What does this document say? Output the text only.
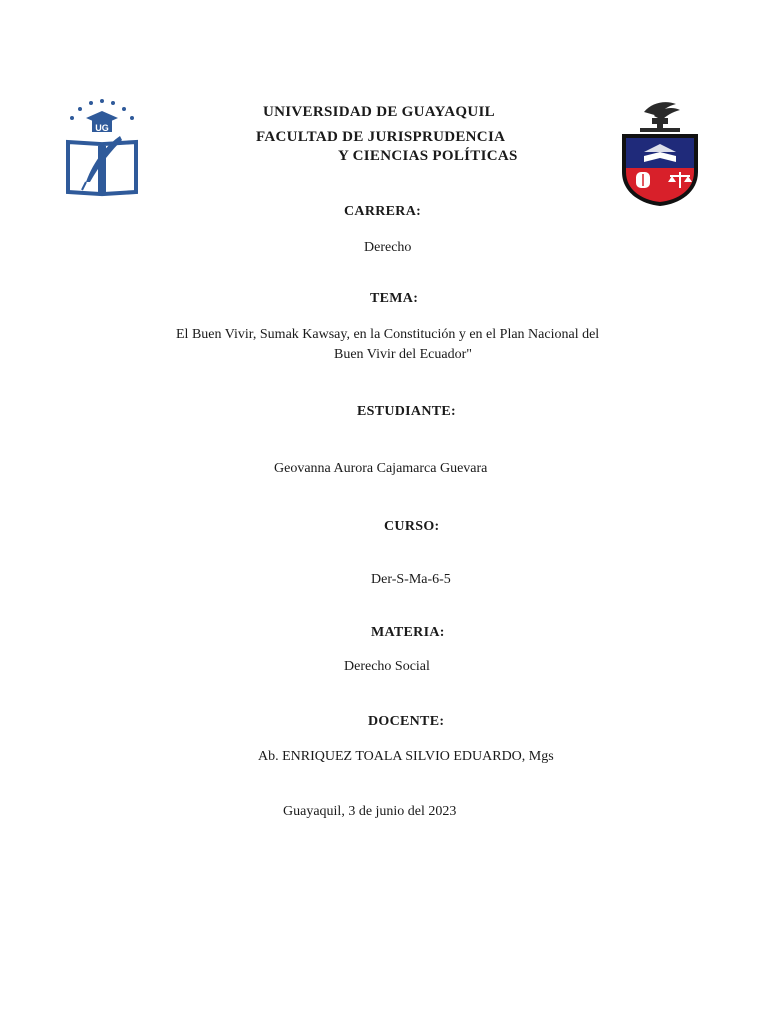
UG
UNIVERSIDAD DE GUAYAQUIL
FACULTAD DE JURISPRUDENCIA
Y CIENCIAS POLÍTICAS
CARRERA:
Derecho
TEMA:
El Buen Vivir, Sumak Kawsay, en la Constitución y en el Plan Nacional del
Buen Vivir del Ecuador"
ESTUDIANTE:
Geovanna Aurora Cajamarca Guevara
CURSO:
Der-S-Ma-6-5
MATERIA:
Derecho Social
DOCENTE:
Ab. ENRIQUEZ TOALA SILVIO EDUARDO, Mgs
Guayaquil, 3 de junio del 2023
